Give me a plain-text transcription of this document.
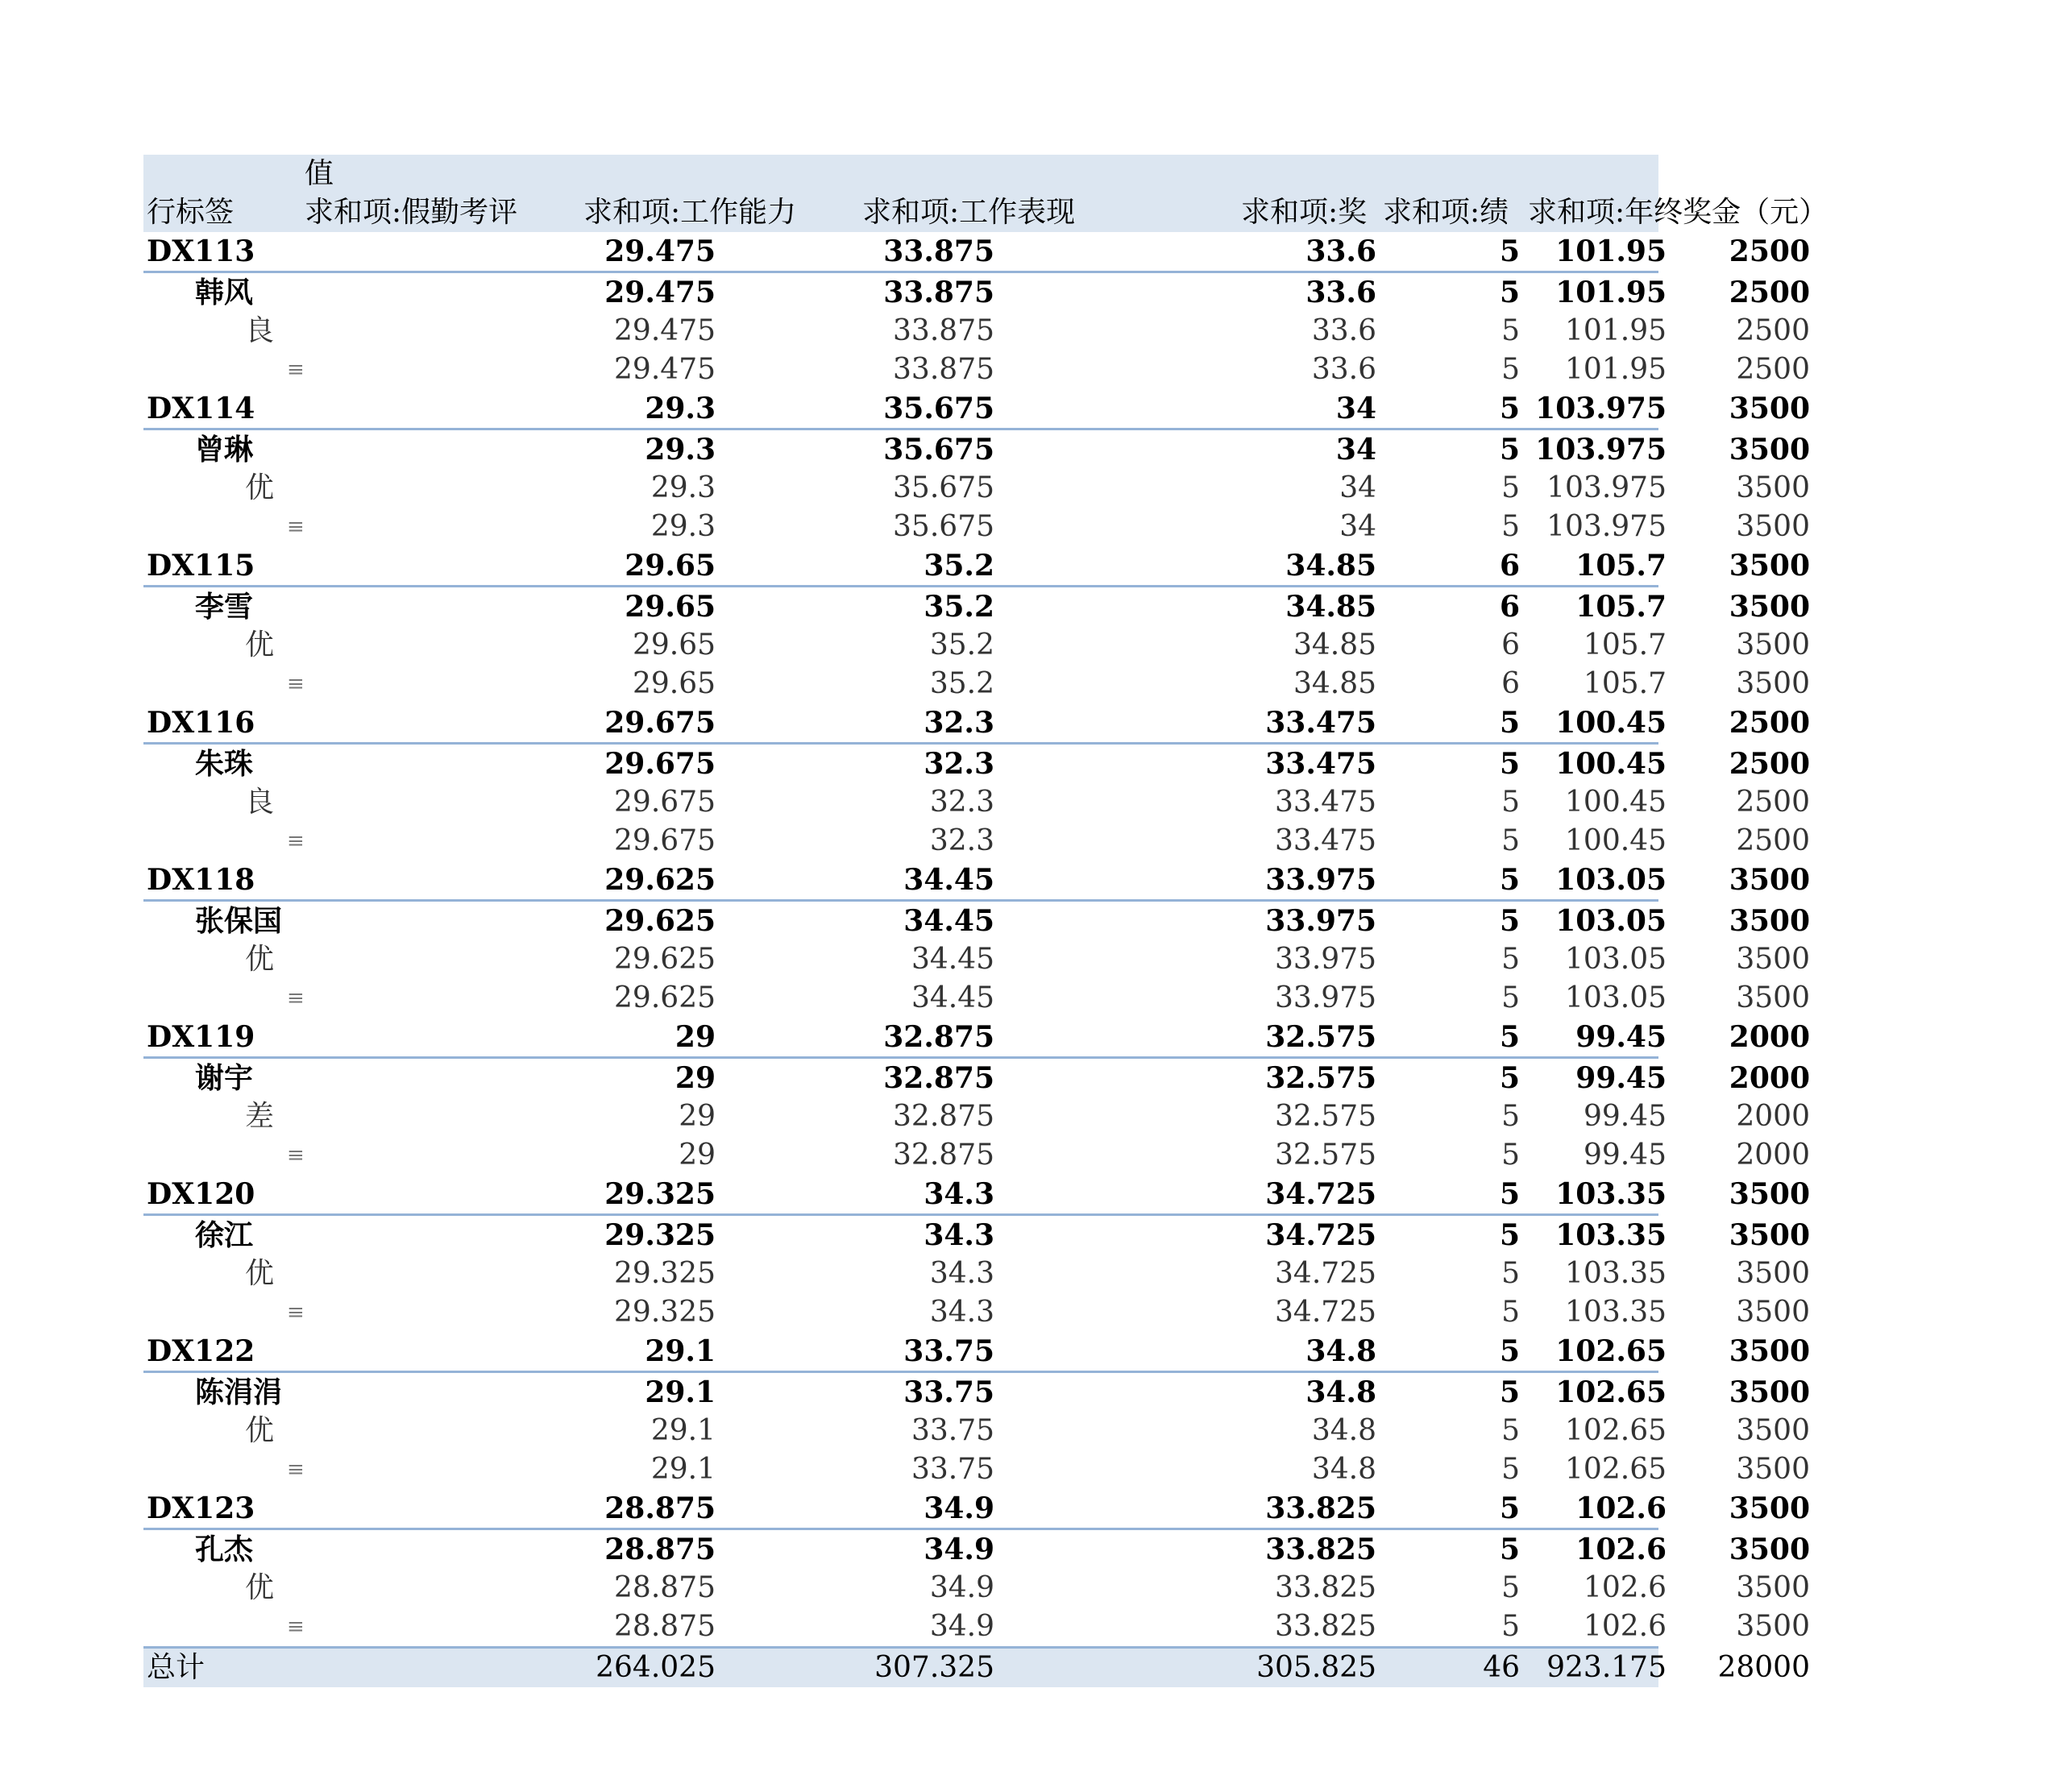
值
行标签 求和项:假勤考评 求和项:工作能力 求和项:工作表现	求和项:奖 求和项:绩 求和项:年终奖金（元）
DX113	29.475	33.875	33.6	5	101.95	2500
韩风	29.475	33.875	33.6	5	101.95	2500
良	29.475	33.875	33.6	5	101.95	2500
≡	29.475	33.875	33.6	5	101.95	2500
DX114	29.3	35.675	34	5 103.975	3500
曾琳	29.3	35.675	34	5 103.975	3500
优	29.3	35.675	34	5 103.975	3500
≡	29.3	35.675	34	5 103.975	3500
DX115	29.65	35.2	34.85	6	105.7	3500
李雪	29.65	35.2	34.85	6	105.7	3500
优	29.65	35.2	34.85	6	105.7	3500
≡	29.65	35.2	34.85	6	105.7	3500
DX116	29.675	32.3	33.475	5	100.45	2500
朱珠	29.675	32.3	33.475	5	100.45	2500
良	29.675	32.3	33.475	5	100.45	2500
≡	29.675	32.3	33.475	5	100.45	2500
DX118	29.625	34.45	33.975	5	103.05	3500
张保国	29.625	34.45	33.975	5	103.05	3500
优	29.625	34.45	33.975	5	103.05	3500
≡	29.625	34.45	33.975	5	103.05	3500
DX119	29	32.875	32.575	5	99.45	2000
谢宇	29	32.875	32.575	5	99.45	2000
差	29	32.875	32.575	5	99.45	2000
≡	29	32.875	32.575	5	99.45	2000
DX120	29.325	34.3	34.725	5	103.35	3500
徐江	29.325	34.3	34.725	5	103.35	3500
优	29.325	34.3	34.725	5	103.35	3500
≡	29.325	34.3	34.725	5	103.35	3500
DX122	29.1	33.75	34.8	5	102.65	3500
陈涓涓	29.1	33.75	34.8	5	102.65	3500
优	29.1	33.75	34.8	5	102.65	3500
≡	29.1	33.75	34.8	5	102.65	3500
DX123	28.875	34.9	33.825	5	102.6	3500
孔杰	28.875	34.9	33.825	5	102.6	3500
优	28.875	34.9	33.825	5	102.6	3500
≡	28.875	34.9	33.825	5	102.6	3500
总计	264.025	307.325	305.825	46 923.175	28000
